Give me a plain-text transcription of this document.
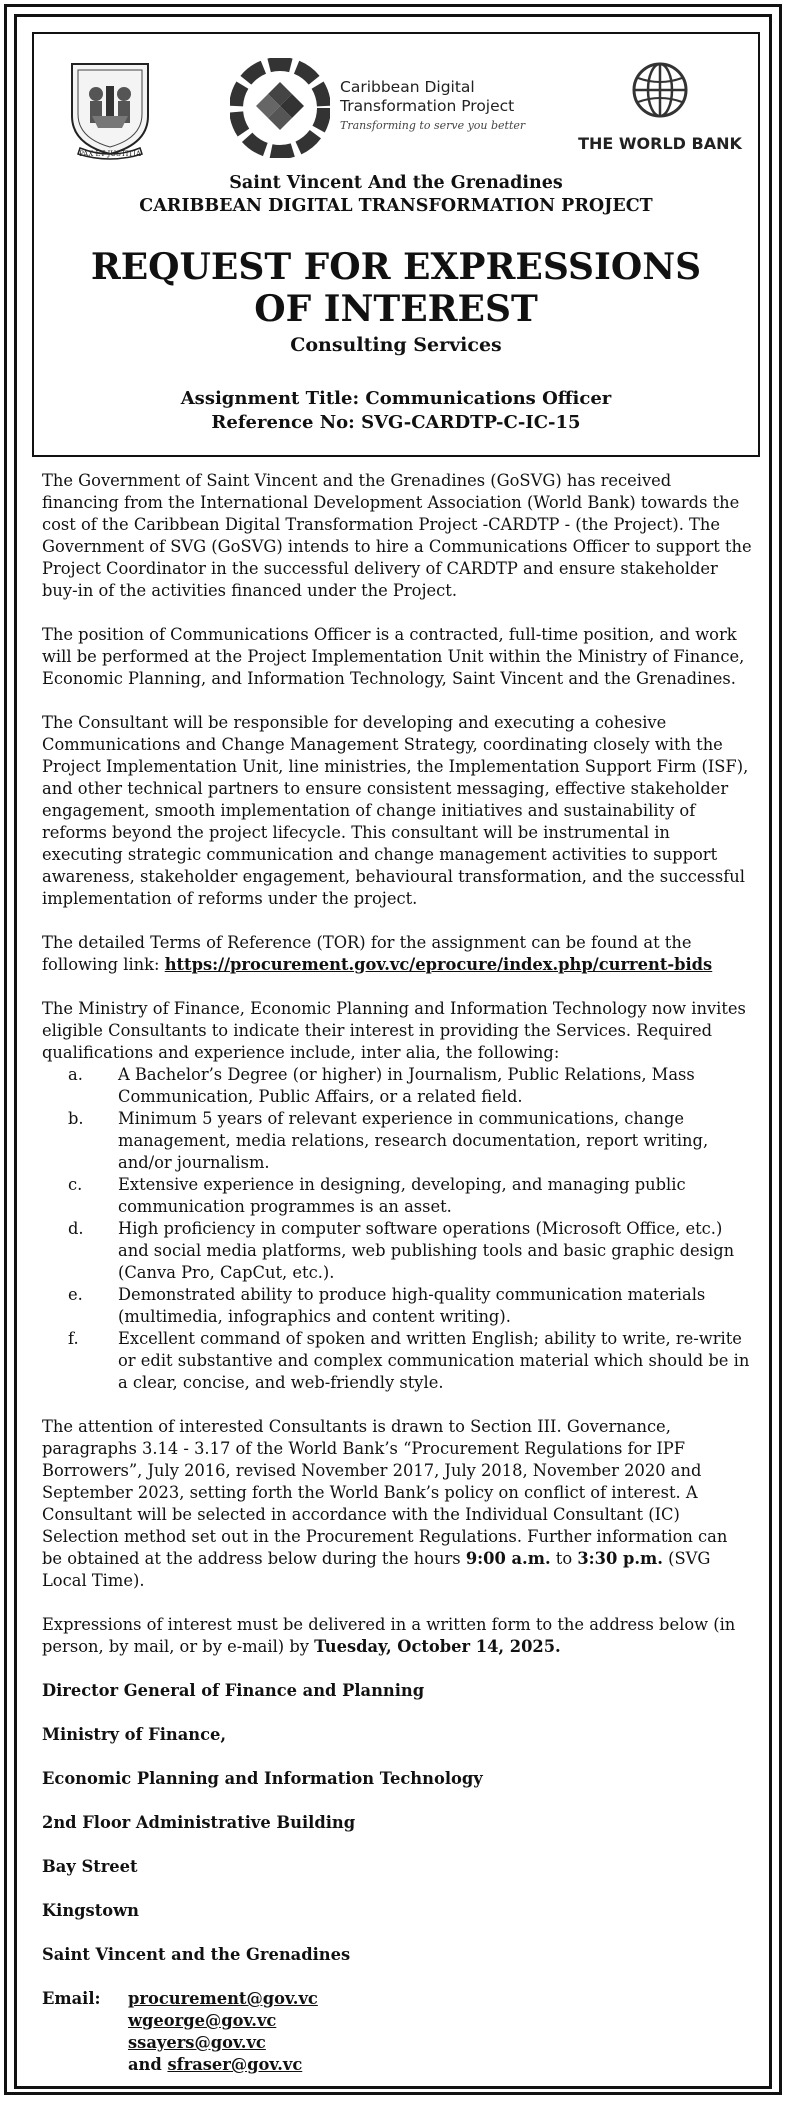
PAX ET JUSTITIA
Caribbean Digital
Transformation Project
Transforming to serve you better
THE WORLD BANK
Saint Vincent And the Grenadines
CARIBBEAN DIGITAL TRANSFORMATION PROJECT
REQUEST FOR EXPRESSIONS
OF INTEREST
Consulting Services
Assignment Title: Communications Officer
Reference No: SVG-CARDTP-C-IC-15

The Government of Saint Vincent and the Grenadines (GoSVG) has received financing from the International Development Association (World Bank) towards the cost of the Caribbean Digital Transformation Project -CARDTP - (the Project). The Government of SVG (GoSVG) intends to hire a Communications Officer to support the Project Coordinator in the successful delivery of CARDTP and ensure stakeholder buy-in of the activities financed under the Project.

The position of Communications Officer is a contracted, full-time position, and work will be performed at the Project Implementation Unit within the Ministry of Finance, Economic Planning, and Information Technology, Saint Vincent and the Grenadines.

The Consultant will be responsible for developing and executing a cohesive Communications and Change Management Strategy, coordinating closely with the Project Implementation Unit, line ministries, the Implementation Support Firm (ISF), and other technical partners to ensure consistent messaging, effective stakeholder engagement, smooth implementation of change initiatives and sustainability of reforms beyond the project lifecycle. This consultant will be instrumental in executing strategic communication and change management activities to support awareness, stakeholder engagement, behavioural transformation, and the successful implementation of reforms under the project.

The detailed Terms of Reference (TOR) for the assignment can be found at the following link: https://procurement.gov.vc/eprocure/index.php/current-bids

The Ministry of Finance, Economic Planning and Information Technology now invites eligible Consultants to indicate their interest in providing the Services. Required qualifications and experience include, inter alia, the following:

a. A Bachelor’s Degree (or higher) in Journalism, Public Relations, Mass Communication, Public Affairs, or a related field.
b. Minimum 5 years of relevant experience in communications, change management, media relations, research documentation, report writing, and/or journalism.
c. Extensive experience in designing, developing, and managing public communication programmes is an asset.
d. High proficiency in computer software operations (Microsoft Office, etc.) and social media platforms, web publishing tools and basic graphic design (Canva Pro, CapCut, etc.).
e. Demonstrated ability to produce high-quality communication materials (multimedia, infographics and content writing).
f. Excellent command of spoken and written English; ability to write, re-write or edit substantive and complex communication material which should be in a clear, concise, and web-friendly style.

The attention of interested Consultants is drawn to Section III. Governance, paragraphs 3.14 - 3.17 of the World Bank’s “Procurement Regulations for IPF Borrowers”, July 2016, revised November 2017, July 2018, November 2020 and September 2023, setting forth the World Bank’s policy on conflict of interest. A Consultant will be selected in accordance with the Individual Consultant (IC) Selection method set out in the Procurement Regulations. Further information can be obtained at the address below during the hours 9:00 a.m. to 3:30 p.m. (SVG Local Time).

Expressions of interest must be delivered in a written form to the address below (in person, by mail, or by e-mail) by Tuesday, October 14, 2025.

Director General of Finance and Planning

Ministry of Finance,

Economic Planning and Information Technology

2nd Floor Administrative Building

Bay Street

Kingstown

Saint Vincent and the Grenadines

Email: procurement@gov.vc
wgeorge@gov.vc
ssayers@gov.vc
and sfraser@gov.vc
